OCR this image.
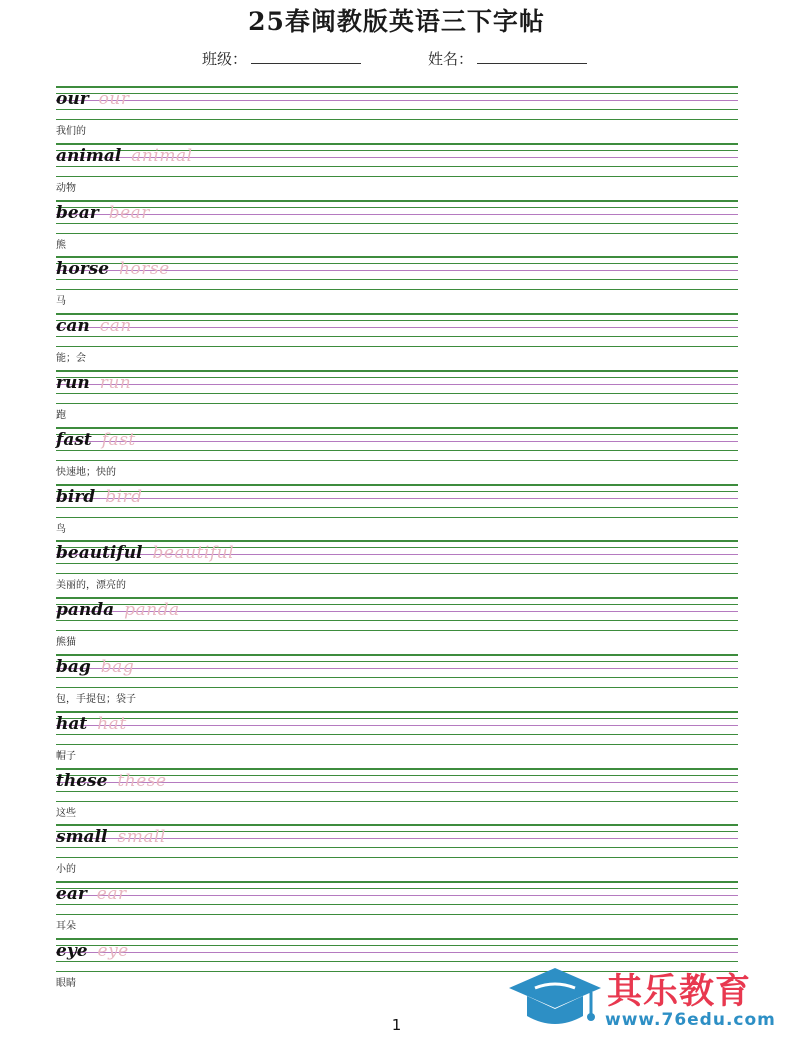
25春闽教版英语三下字帖
班级：	姓名：
our our
我们的
animal animal
动物
bear bear
熊
horse horse
马
can can
能；会
run run
跑
fast fast
快速地；快的
bird bird
鸟
beautiful beautiful
美丽的，漂亮的
panda panda
熊猫
bag bag
包，手提包；袋子
hat hat
帽子
these these
这些
small small
小的
ear ear
耳朵
eye eye
眼睛
1
其乐教育
www.76edu.com
